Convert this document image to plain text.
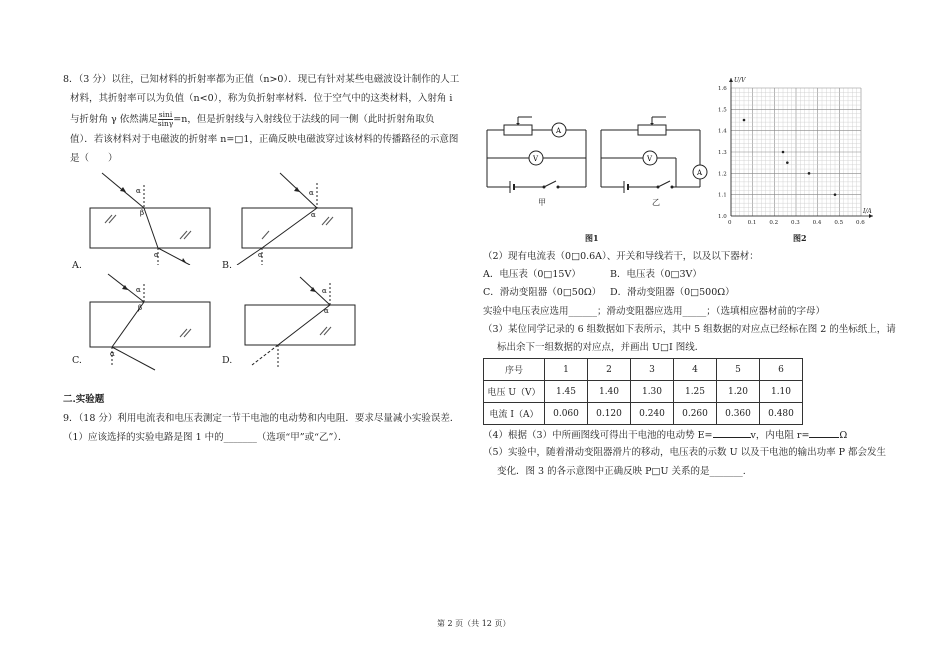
8．（3 分）以往，已知材料的折射率都为正值（n>0）．现已有针对某些电磁波设计制作的人工
材料，其折射率可以为负值（n<0），称为负折射率材料．位于空气中的这类材料，入射角 i
与折射角 γ 依然满足 $\frac{\sin i}{\sin\gamma} =n$，但是折射线与入射线位于法线的同一侧（此时折射角取负
值）．若该材料对于电磁波的折射率 n=□1，正确反映电磁波穿过该材料的传播路径的示意图
是（　　）
α
β
α
A.
α
α
α
B.
α
β
α
C.
α
α
D.
二.实验题
9．（18 分）利用电流表和电压表测定一节干电池的电动势和内电阻．要求尽量减小实验误差．
（1）应该选择的实验电路是图 1 中的_______（选项“甲”或“乙”）．
A
V
甲
A
V
乙
图1
0	0.1 0.2 0.3 0.4 0.5 0.6
1.0
1.1
1.2
1.3
1.4
1.5
1.6
U/V
I/A
图2
（2）现有电流表（0□0.6A）、开关和导线若干，以及以下器材：
A．电压表（0□15V）	B．电压表（0□3V）
C．滑动变阻器（0□50Ω） D．滑动变阻器（0□500Ω）
实验中电压表应选用______；滑动变阻器应选用_____；（选填相应器材前的字母）
（3）某位同学记录的 6 组数据如下表所示，其中 5 组数据的对应点已经标在图 2 的坐标纸上，请
标出余下一组数据的对应点，并画出 U□I 图线．
序号	1	2	3	4	5	6
电压 U（V）	1.45	1.40	1.30	1.25	1.20	1.10
电流 I（A）	0.060	0.120	0.240	0.260	0.360	0.480
（4）根据（3）中所画图线可得出干电池的电动势 E=	v，内电阻 r=	Ω
（5）实验中，随着滑动变阻器滑片的移动，电压表的示数 U 以及干电池的输出功率 P 都会发生
变化．图 3 的各示意图中正确反映 P□U 关系的是_______.
第 2 页（共 12 页）
